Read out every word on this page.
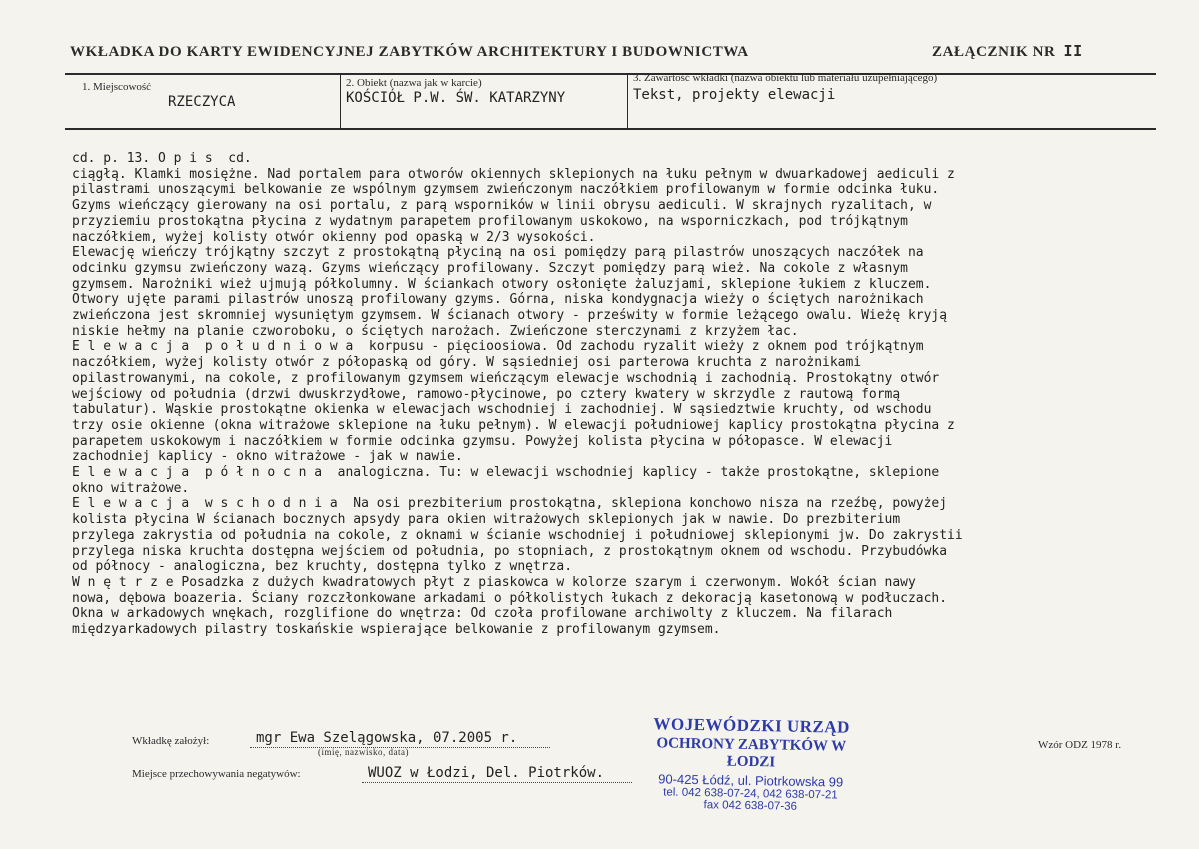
WKŁADKA DO KARTY EWIDENCYJNEJ ZABYTKÓW ARCHITEKTURY I BUDOWNICTWA	ZAŁĄCZNIK NR II
1. Miejscowość
RZECZYCA
2. Obiekt (nazwa jak w karcie)
KOŚCIÓŁ P.W. ŚW. KATARZYNY
3. Zawartość wkładki (nazwa obiektu lub materiału uzupełniającego)
Tekst, projekty elewacji
cd. p. 13. O p i s  cd.
ciągłą. Klamki mosiężne. Nad portalem para otworów okiennych sklepionych na łuku pełnym w dwuarkadowej aediculi z
pilastrami unoszącymi belkowanie ze wspólnym gzymsem zwieńczonym naczółkiem profilowanym w formie odcinka łuku.
Gzyms wieńczący gierowany na osi portalu, z parą wsporników w linii obrysu aediculi. W skrajnych ryzalitach, w
przyziemiu prostokątna płycina z wydatnym parapetem profilowanym uskokowo, na wsporniczkach, pod trójkątnym
naczółkiem, wyżej kolisty otwór okienny pod opaską w 2/3 wysokości.
Elewację wieńczy trójkątny szczyt z prostokątną płyciną na osi pomiędzy parą pilastrów unoszących naczółek na
odcinku gzymsu zwieńczony wazą. Gzyms wieńczący profilowany. Szczyt pomiędzy parą wież. Na cokole z własnym
gzymsem. Narożniki wież ujmują półkolumny. W ściankach otwory osłonięte żaluzjami, sklepione łukiem z kluczem.
Otwory ujęte parami pilastrów unoszą profilowany gzyms. Górna, niska kondygnacja wieży o ściętych narożnikach
zwieńczona jest skromniej wysuniętym gzymsem. W ścianach otwory - prześwity w formie leżącego owalu. Wieżę kryją
niskie hełmy na planie czworoboku, o ściętych narożach. Zwieńczone sterczynami z krzyżem łac.
E l e w a c j a  p o ł u d n i o w a  korpusu - pięcioosiowa. Od zachodu ryzalit wieży z oknem pod trójkątnym
naczółkiem, wyżej kolisty otwór z półopaską od góry. W sąsiedniej osi parterowa kruchta z narożnikami
opilastrowanymi, na cokole, z profilowanym gzymsem wieńczącym elewacje wschodnią i zachodnią. Prostokątny otwór
wejściowy od południa (drzwi dwuskrzydłowe, ramowo-płycinowe, po cztery kwatery w skrzydle z rautową formą
tabulatur). Wąskie prostokątne okienka w elewacjach wschodniej i zachodniej. W sąsiedztwie kruchty, od wschodu
trzy osie okienne (okna witrażowe sklepione na łuku pełnym). W elewacji południowej kaplicy prostokątna płycina z
parapetem uskokowym i naczółkiem w formie odcinka gzymsu. Powyżej kolista płycina w półopasce. W elewacji
zachodniej kaplicy - okno witrażowe - jak w nawie.
E l e w a c j a  p ó ł n o c n a  analogiczna. Tu: w elewacji wschodniej kaplicy - także prostokątne, sklepione
okno witrażowe.
E l e w a c j a  w s c h o d n i a  Na osi prezbiterium prostokątna, sklepiona konchowo nisza na rzeźbę, powyżej
kolista płycina W ścianach bocznych apsydy para okien witrażowych sklepionych jak w nawie. Do prezbiterium
przylega zakrystia od południa na cokole, z oknami w ścianie wschodniej i południowej sklepionymi jw. Do zakrystii
przylega niska kruchta dostępna wejściem od południa, po stopniach, z prostokątnym oknem od wschodu. Przybudówka
od północy - analogiczna, bez kruchty, dostępna tylko z wnętrza.
W n ę t r z e Posadzka z dużych kwadratowych płyt z piaskowca w kolorze szarym i czerwonym. Wokół ścian nawy
nowa, dębowa boazeria. Ściany rozczłonkowane arkadami o półkolistych łukach z dekoracją kasetonową w podłuczach.
Okna w arkadowych wnękach, rozglifione do wnętrza: Od czoła profilowane archiwolty z kluczem. Na filarach
międzyarkadowych pilastry toskańskie wspierające belkowanie z profilowanym gzymsem.
Wkładkę założył:	mgr Ewa Szelągowska, 07.2005 r.
(imię, nazwisko, data)
Miejsce przechowywania negatywów:	WUOZ w Łodzi, Del. Piotrków.
Wzór ODZ 1978 r.
WOJEWÓDZKI URZĄD
OCHRONY ZABYTKÓW W ŁODZI
90-425 Łódź, ul. Piotrkowska 99
tel. 042 638-07-24, 042 638-07-21
fax 042 638-07-36
